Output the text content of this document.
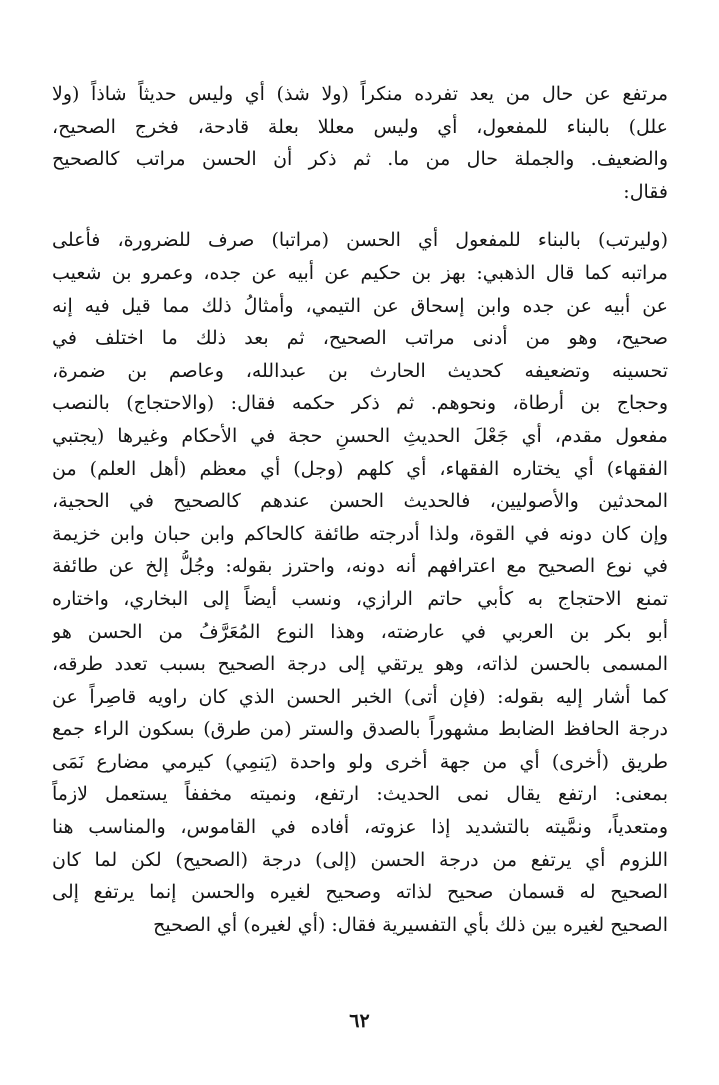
مرتفع عن حال من يعد تفرده منكراً (ولا شذ) أي وليس حديثاً شاذاً (ولا
علل) بالبناء للمفعول، أي وليس معللا بعلة قادحة، فخرج الصحيح،
والضعيف. والجملة حال من ما. ثم ذكر أن الحسن مراتب كالصحيح
فقال:
(وليرتب) بالبناء للمفعول أي الحسن (مراتبا) صرف للضرورة، فأعلى
مراتبه كما قال الذهبي: بهز بن حكيم عن أبيه عن جده، وعمرو بن شعيب
عن أبيه عن جده وابن إسحاق عن التيمي، وأمثالُ ذلك مما قيل فيه إنه
صحيح، وهو من أدنى مراتب الصحيح، ثم بعد ذلك ما اختلف في
تحسينه وتضعيفه كحديث الحارث بن عبدالله، وعاصم بن ضمرة،
وحجاج بن أرطاة، ونحوهم. ثم ذكر حكمه فقال: (والاحتجاج) بالنصب
مفعول مقدم، أي جَعْلَ الحديثِ الحسنِ حجة في الأحكام وغيرها (يجتبي
الفقهاء) أي يختاره الفقهاء، أي كلهم (وجل) أي معظم (أهل العلم) من
المحدثين والأصوليين، فالحديث الحسن عندهم كالصحيح في الحجية،
وإن كان دونه في القوة، ولذا أدرجته طائفة كالحاكم وابن حبان وابن خزيمة
في نوع الصحيح مع اعترافهم أنه دونه، واحترز بقوله: وجُلُّ إلخ عن طائفة
تمنع الاحتجاج به كأبي حاتم الرازي، ونسب أيضاً إلى البخاري، واختاره
أبو بكر بن العربي في عارضته، وهذا النوع المُعَرَّفُ من الحسن هو
المسمى بالحسن لذاته، وهو يرتقي إلى درجة الصحيح بسبب تعدد طرقه،
كما أشار إليه بقوله: (فإن أتى) الخبر الحسن الذي كان راويه قاصِراً عن
درجة الحافظ الضابط مشهوراً بالصدق والستر (من طرق) بسكون الراء جمع
طريق (أخرى) أي من جهة أخرى ولو واحدة (يَنمِي) كيرمي مضارع نَمَى
بمعنى: ارتفع يقال نمى الحديث: ارتفع، ونميته مخففاً يستعمل لازماً
ومتعدياً، ونمَّيته بالتشديد إذا عزوته، أفاده في القاموس، والمناسب هنا
اللزوم أي يرتفع من درجة الحسن (إلى) درجة (الصحيح) لكن لما كان
الصحيح له قسمان صحيح لذاته وصحيح لغيره والحسن إنما يرتفع إلى
الصحيح لغيره بين ذلك بأي التفسيرية فقال: (أي لغيره) أي الصحيح
٦٢
